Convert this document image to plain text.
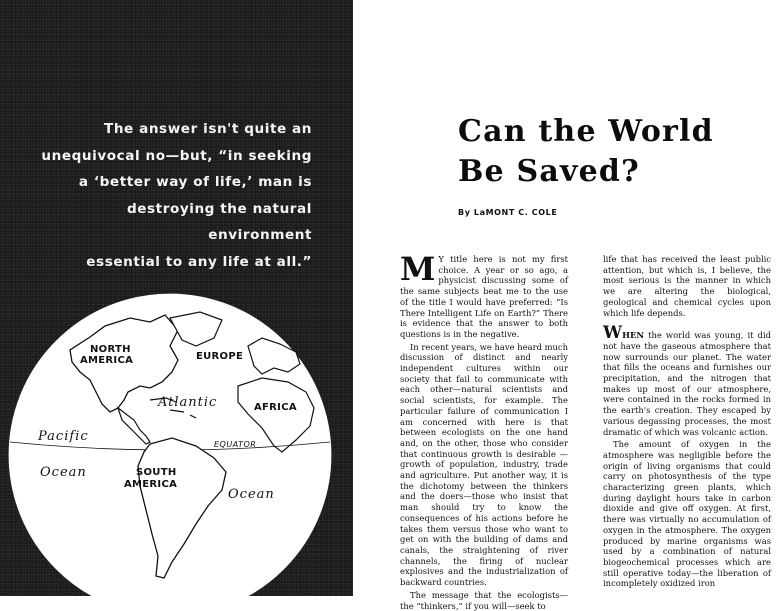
The answer isn't quite an
unequivocal no—but, “in seeking
a ‘better way of life,’ man is
destroying the natural environment
essential to any life at all.”
NORTH
AMERICA	EUROPE
Atlantic	AFRICA
Pacific
EQUATOR
Ocean	SOUTH
AMERICA
Ocean
Can the World
Be Saved?
By LaMONT C. COLE

M Y title here is not my first choice. A year or so ago, a physicist discussing some of the same subjects beat me to the use of the title I would have preferred: “Is There Intelligent Life on Earth?” There is evidence that the answer to both questions is in the negative.

In recent years, we have heard much discussion of distinct and nearly independent cultures within our society that fail to communicate with each other—natural scientists and social scientists, for example. The particular failure of communication I am concerned with here is that between ecologists on the one hand and, on the other, those who consider that continuous growth is desirable —growth of population, industry, trade and agriculture. Put another way, it is the dichotomy between the thinkers and the doers—those who insist that man should try to know the consequences of his actions before he takes them versus those who want to get on with the building of dams and canals, the straightening of river channels, the firing of nuclear explosives and the industrialization of backward countries.

The message that the ecologists—the “thinkers,” if you will—seek to

life that has received the least public attention, but which is, I believe, the most serious is the manner in which we are altering the biological, geological and chemical cycles upon which life depends.

WHEN the world was young, it did not have the gaseous atmosphere that now surrounds our planet. The water that fills the oceans and furnishes our precipitation, and the nitrogen that makes up most of our atmosphere, were contained in the rocks formed in the earth's creation. They escaped by various degassing processes, the most dramatic of which was volcanic action.

The amount of oxygen in the atmosphere was negligible before the origin of living organisms that could carry on photosynthesis of the type characterizing green plants, which during daylight hours take in carbon dioxide and give off oxygen. At first, there was virtually no accumulation of oxygen in the atmosphere. The oxygen produced by marine organisms was used by a combination of natural biogeochemical processes which are still operative today—the liberation of incompletely oxidized iron
